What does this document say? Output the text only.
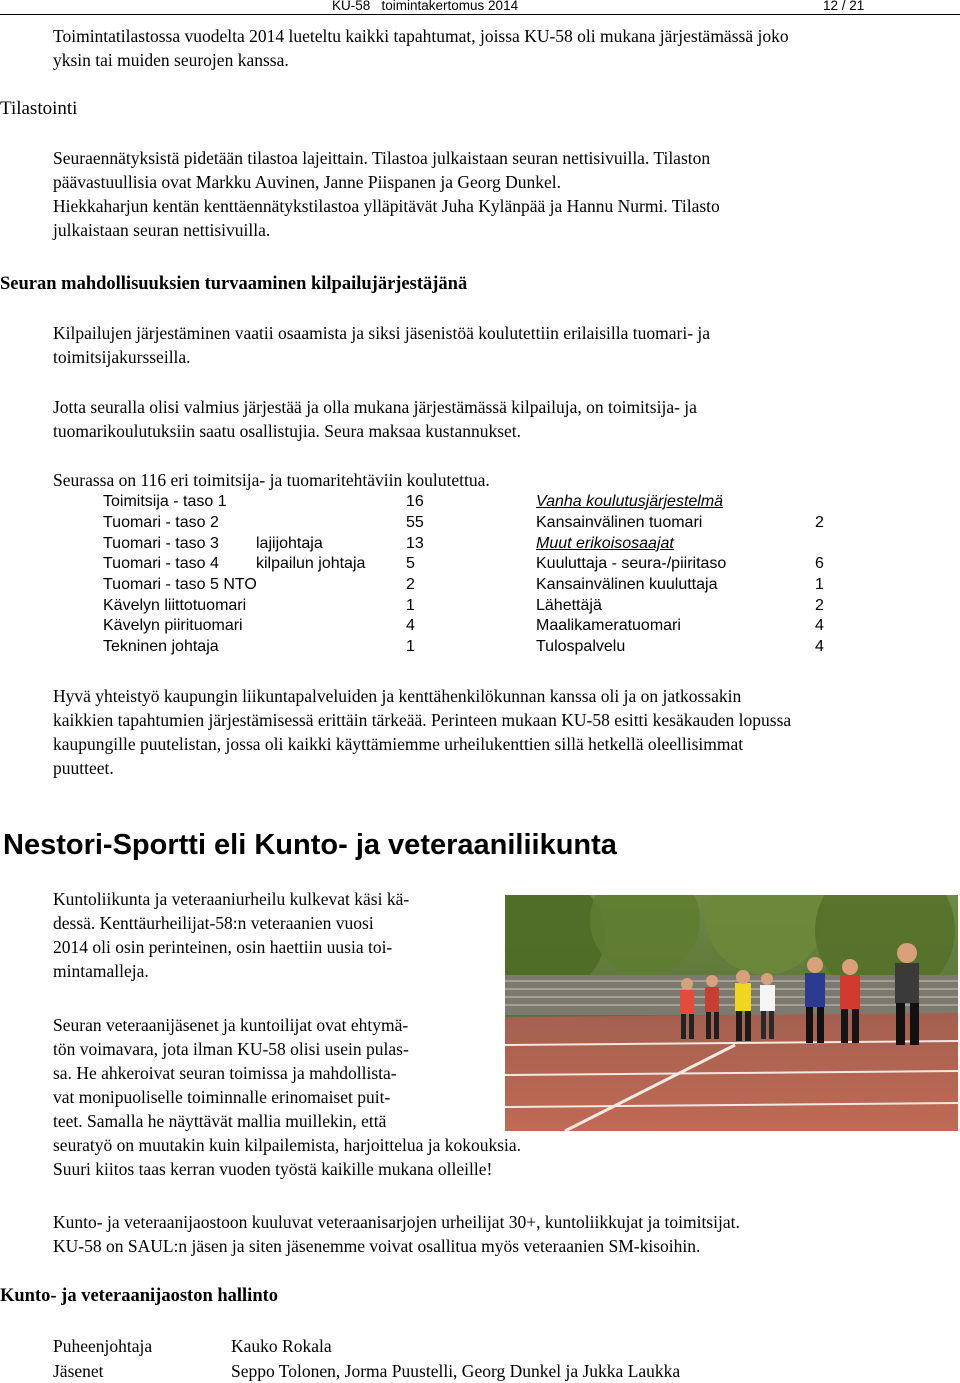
KU-58   toimintakertomus 2014	12 / 21

Toimintatilastossa vuodelta 2014 lueteltu kaikki tapahtumat, joissa KU-58 oli mukana järjestämässä joko
yksin tai muiden seurojen kanssa.

Tilastointi

Seuraennätyksistä pidetään tilastoa lajeittain. Tilastoa julkaistaan seuran nettisivuilla. Tilaston
päävastuullisia ovat Markku Auvinen, Janne Piispanen ja Georg Dunkel.
Hiekkaharjun kentän kenttäennätykstilastoa ylläpitävät Juha Kylänpää ja Hannu Nurmi. Tilasto
julkaistaan seuran nettisivuilla.

Seuran mahdollisuuksien turvaaminen kilpailujärjestäjänä

Kilpailujen järjestäminen vaatii osaamista ja siksi jäsenistöä koulutettiin erilaisilla tuomari- ja
toimitsijakursseilla.

Jotta seuralla olisi valmius järjestää ja olla mukana järjestämässä kilpailuja, on toimitsija- ja
tuomarikoulutuksiin saatu osallistujia. Seura maksaa kustannukset.

Seurassa on 116 eri toimitsija- ja tuomaritehtäviin koulutettua.

Toimitsija - taso 1	16
Tuomari - taso 2	55
Tuomari - taso 3 lajijohtaja	13
Tuomari - taso 4 kilpailun johtaja	5
Tuomari - taso 5 NTO	2
Kävelyn liittotuomari	1
Kävelyn piirituomari	4
Tekninen johtaja	1
Vanha koulutusjärjestelmä
Kansainvälinen tuomari	2
Muut erikoisosaajat
Kuuluttaja - seura-/piiritaso	6
Kansainvälinen kuuluttaja	1
Lähettäjä	2
Maalikameratuomari	4
Tulospalvelu	4

Hyvä yhteistyö kaupungin liikuntapalveluiden ja kenttähenkilökunnan kanssa oli ja on jatkossakin
kaikkien tapahtumien järjestämisessä erittäin tärkeää. Perinteen mukaan KU-58 esitti kesäkauden lopussa
kaupungille puutelistan, jossa oli kaikki käyttämiemme urheilukenttien sillä hetkellä oleellisimmat
puutteet.

Nestori-Sportti eli Kunto- ja veteraaniliikunta

Kuntoliikunta ja veteraaniurheilu kulkevat käsi kä-
dessä. Kenttäurheilijat-58:n veteraanien vuosi
2014 oli osin perinteinen, osin haettiin uusia toi-
mintamalleja.

Seuran veteraanijäsenet ja kuntoilijat ovat ehtymä-
tön voimavara, jota ilman KU-58 olisi usein pulas-
sa. He ahkeroivat seuran toimissa ja mahdollista-
vat monipuoliselle toiminnalle erinomaiset puit-
teet. Samalla he näyttävät mallia muillekin, että
seuratyö on muutakin kuin kilpailemista, harjoittelua ja kokouksia.
Suuri kiitos taas kerran vuoden työstä kaikille mukana olleille!

Kunto- ja veteraanijaostoon kuuluvat veteraanisarjojen urheilijat 30+, kuntoliikkujat ja toimitsijat.
KU-58 on SAUL:n jäsen ja siten jäsenemme voivat osallitua myös veteraanien SM-kisoihin.

Kunto- ja veteraanijaoston hallinto
Puheenjohtaja	Kauko Rokala
Jäsenet	Seppo Tolonen, Jorma Puustelli, Georg Dunkel ja Jukka Laukka
